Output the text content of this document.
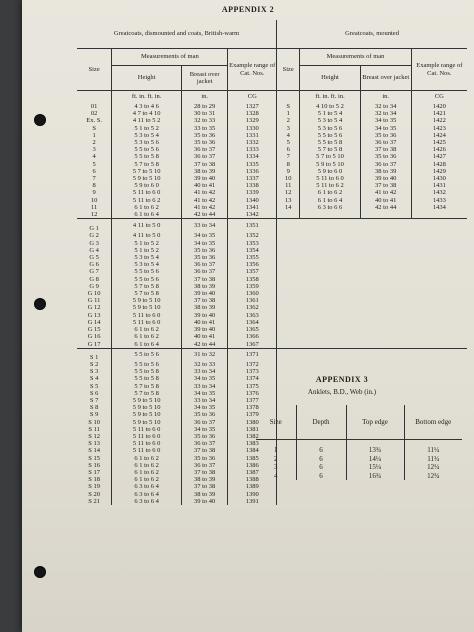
APPENDIX 2
Greatcoats, dismounted and coats, British-warm				Greatcoats, mounted			
Size	Measurements of man		Example range of Cat. Nos.	Size	Measurements of man		Example range of Cat. Nos.
	Height	Breast over jacket			Height	Breast over jacket	
	ft. in. ft. in.	in.	CG		ft. in. ft. in.	in.	CG
01	4 3 to 4 6	28 to 29	1327	S	4 10 to 5 2	32 to 34	1420
02	4 7 to 4 10	30 to 31	1328	1	5 1 to 5 4	32 to 34	1421
Ex. S.	4 11 to 5 2	32 to 33	1329	2	5 3 to 5 4	34 to 35	1422
S	5 1 to 5 2	33 to 35	1330	3	5 3 to 5 6	34 to 35	1423
1	5 3 to 5 4	35 to 36	1331	4	5 5 to 5 6	35 to 36	1424
2	5 3 to 5 6	35 to 36	1332	5	5 5 to 5 8	36 to 37	1425
3	5 5 to 5 6	36 to 37	1333	6	5 7 to 5 8	37 to 38	1426
4	5 5 to 5 8	36 to 37	1334	7	5 7 to 5 10	35 to 36	1427
5	5 7 to 5 8	37 to 38	1335	8	5 9 to 5 10	36 to 37	1428
6	5 7 to 5 10	38 to 39	1336	9	5 9 to 6 0	38 to 39	1429
7	5 9 to 5 10	39 to 40	1337	10	5 11 to 6 0	39 to 40	1430
8	5 9 to 6 0	40 to 41	1338	11	5 11 to 6 2	37 to 38	1431
9	5 11 to 6 0	41 to 42	1339	12	6 1 to 6 2	41 to 42	1432
10	5 11 to 6 2	41 to 42	1340	13	6 1 to 6 4	40 to 41	1433
11	6 1 to 6 2	41 to 42	1341	14	6 3 to 6 6	42 to 44	1434
12	6 1 to 6 4	42 to 44	1342				
G 1	4 11 to 5 0	33 to 34	1351				
G 2	4 11 to 5 0	34 to 35	1352				
G 3	5 1 to 5 2	34 to 35	1353				
G 4	5 1 to 5 2	35 to 36	1354				
G 5	5 3 to 5 4	35 to 36	1355				
G 6	5 3 to 5 4	36 to 37	1356				
G 7	5 5 to 5 6	36 to 37	1357				
G 8	5 5 to 5 6	37 to 38	1358				
G 9	5 7 to 5 8	38 to 39	1359				
G 10	5 7 to 5 8	39 to 40	1360				
G 11	5 9 to 5 10	37 to 38	1361				
G 12	5 9 to 5 10	38 to 39	1362				
G 13	5 11 to 6 0	39 to 40	1363				
G 14	5 11 to 6 0	40 to 41	1364				
G 15	6 1 to 6 2	39 to 40	1365				
G 16	6 1 to 6 2	40 to 41	1366				
G 17	6 1 to 6 4	42 to 44	1367				
S 1	5 5 to 5 6	31 to 32	1371				
S 2	5 5 to 5 6	32 to 33	1372				
S 3	5 5 to 5 8	33 to 34	1373				
S 4	5 5 to 5 8	34 to 35	1374				
S 5	5 7 to 5 8	33 to 34	1375				
S 6	5 7 to 5 8	34 to 35	1376				
S 7	5 9 to 5 10	33 to 34	1377				
S 8	5 9 to 5 10	34 to 35	1378				
S 9	5 9 to 5 10	35 to 36	1379				
S 10	5 9 to 5 10	36 to 37	1380				
S 11	5 11 to 6 0	34 to 35	1381				
S 12	5 11 to 6 0	35 to 36	1382				
S 13	5 11 to 6 0	36 to 37	1383				
S 14	5 11 to 6 0	37 to 38	1384				
S 15	6 1 to 6 2	35 to 36	1385				
S 16	6 1 to 6 2	36 to 37	1386				
S 17	6 1 to 6 2	37 to 38	1387				
S 18	6 1 to 6 2	38 to 39	1388				
S 19	6 3 to 6 4	37 to 38	1389				
S 20	6 3 to 6 4	38 to 39	1390				
S 21	6 3 to 6 4	39 to 40	1391				
APPENDIX 3
Anklets, B.D., Web (in.)
Size	Depth	Top edge	Bottom edge
1	6	13¾	11¼
2	6	14¼	11¾
3	6	15¼	12¼
4	6	16¾	12¾
